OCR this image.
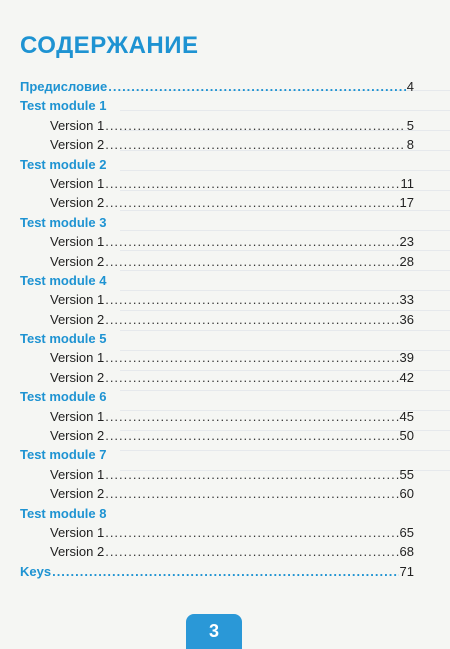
СОДЕРЖАНИЕ
Предисловие .....	4
Test module 1
Version 1 .....	5
Version 2 .....	8
Test module 2
Version 1 .....	11
Version 2 .....	17
Test module 3
Version 1 .....	23
Version 2 .....	28
Test module 4
Version 1 .....	33
Version 2 .....	36
Test module 5
Version 1 .....	39
Version 2 .....	42
Test module 6
Version 1 .....	45
Version 2 .....	50
Test module 7
Version 1 .....	55
Version 2 .....	60
Test module 8
Version 1 .....	65
Version 2 .....	68
Keys .....	71
3
